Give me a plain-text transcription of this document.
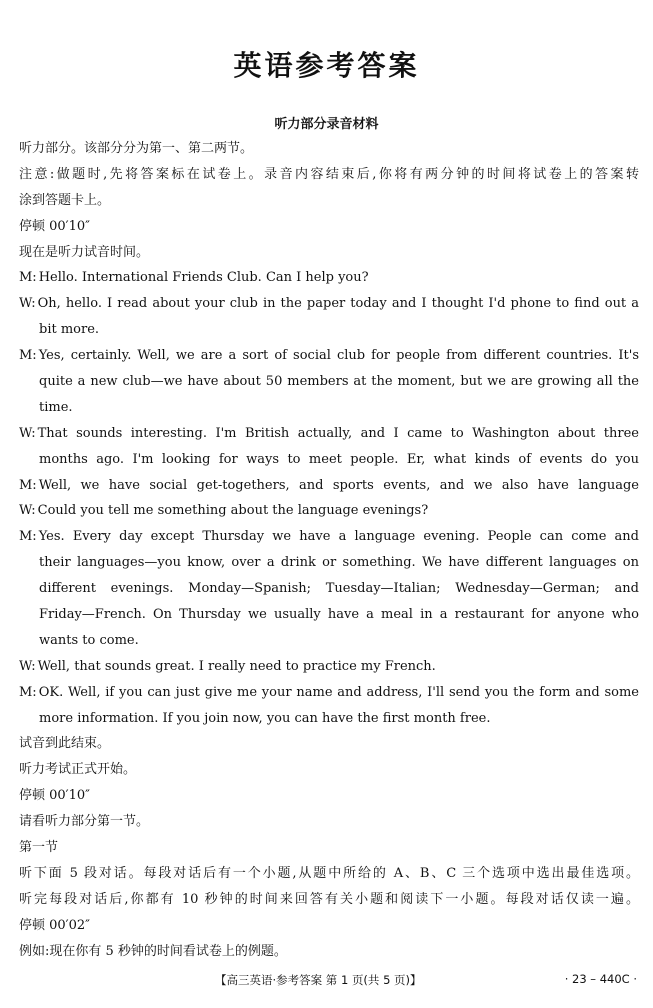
英语参考答案
听力部分录音材料
听力部分。该部分分为第一、第二两节。
注意:做题时,先将答案标在试卷上。录音内容结束后,你将有两分钟的时间将试卷上的答案转
涂到答题卡上。
停顿 00′10″
现在是听力试音时间。
M: Hello. International Friends Club. Can I help you?
W: Oh, hello. I read about your club in the paper today and I thought I'd phone to find out a
bit more.
M: Yes, certainly. Well, we are a sort of social club for people from different countries. It's
quite a new club—we have about 50 members at the moment, but we are growing all the
time.
W: That sounds interesting. I'm British actually, and I came to Washington about three
months ago. I'm looking for ways to meet people. Er, what kinds of events do you
M: Well, we have social get-togethers, and sports events, and we also have language
W: Could you tell me something about the language evenings?
M: Yes. Every day except Thursday we have a language evening. People can come and
their languages—you know, over a drink or something. We have different languages on
different evenings. Monday—Spanish; Tuesday—Italian; Wednesday—German; and
Friday—French. On Thursday we usually have a meal in a restaurant for anyone who
wants to come.
W: Well, that sounds great. I really need to practice my French.
M: OK. Well, if you can just give me your name and address, I'll send you the form and some
more information. If you join now, you can have the first month free.
试音到此结束。
听力考试正式开始。
停顿 00′10″
请看听力部分第一节。
第一节
听下面 5 段对话。每段对话后有一个小题,从题中所给的 A、B、C 三个选项中选出最佳选项。
听完每段对话后,你都有 10 秒钟的时间来回答有关小题和阅读下一小题。每段对话仅读一遍。
停顿 00′02″
例如:现在你有 5 秒钟的时间看试卷上的例题。
【高三英语·参考答案 第 1 页(共 5 页)】	· 23 – 440C ·
